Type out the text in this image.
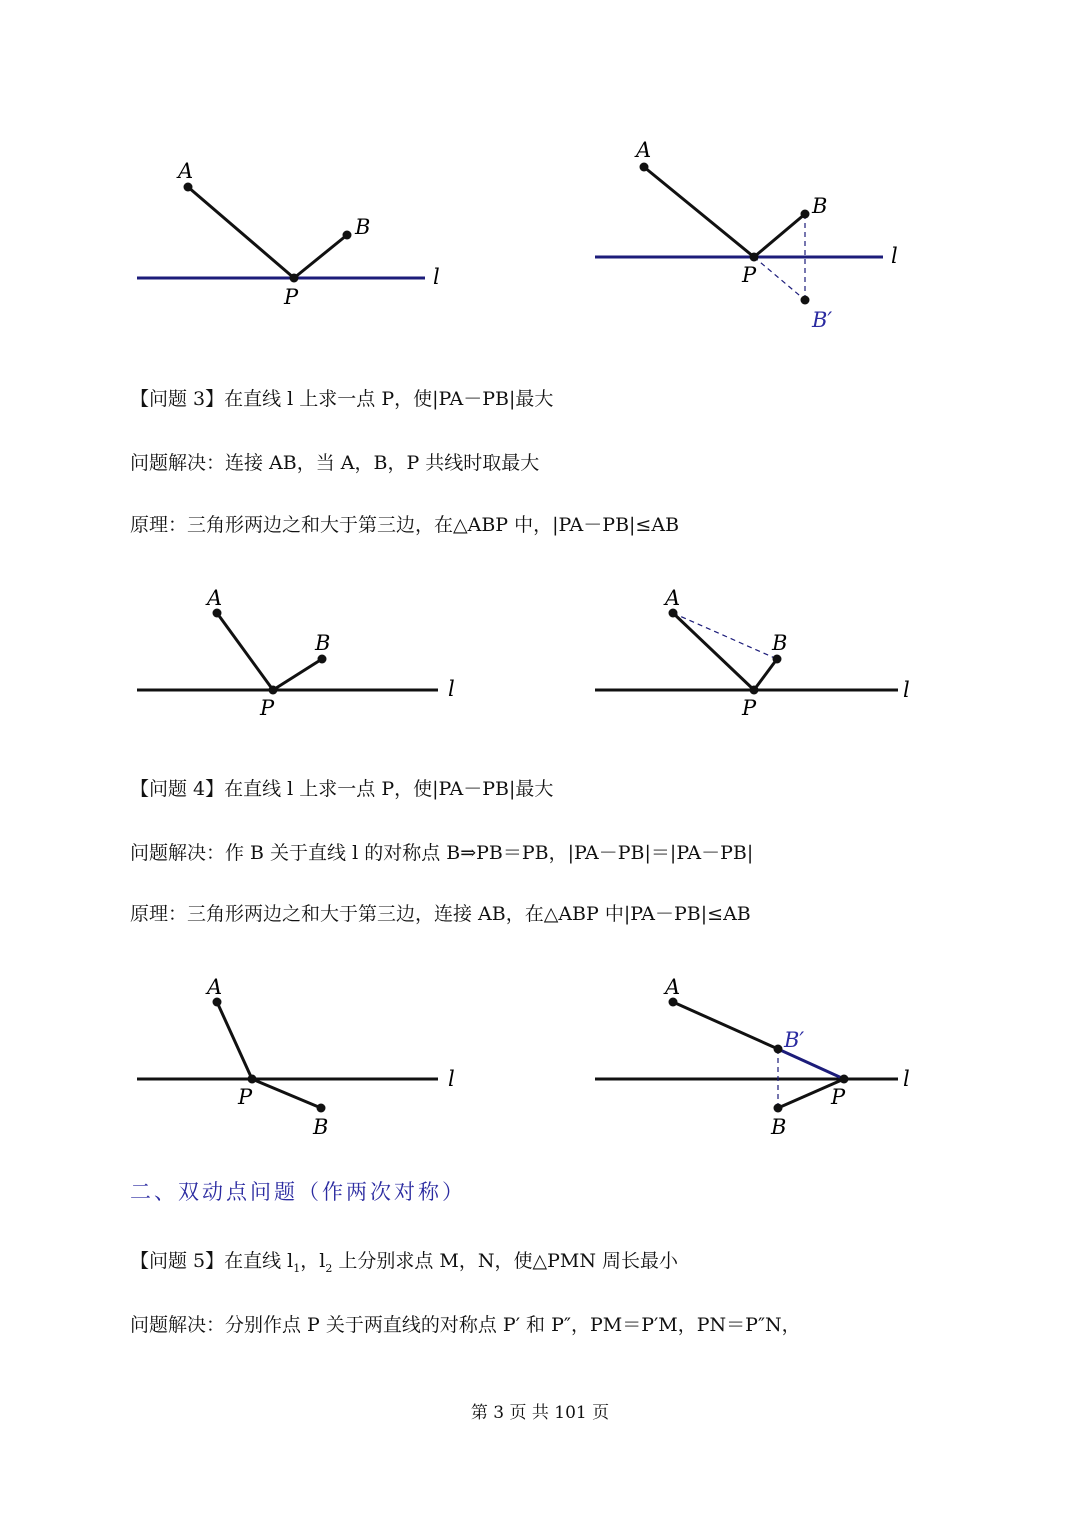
A
B
P
l
A
B
P
l
B′
【问题 3】在直线 l 上求一点 P，使|PA－PB|最大
问题解决：连接 AB，当 A，B，P 共线时取最大
原理：三角形两边之和大于第三边，在△ABP 中，|PA－PB|≤AB
A
B
P
l
A
B
P
l
【问题 4】在直线 l 上求一点 P，使|PA－PB|最大
问题解决：作 B 关于直线 l 的对称点 B⇒PB＝PB，|PA－PB|＝|PA－PB|
原理：三角形两边之和大于第三边，连接 AB，在△ABP 中|PA－PB|≤AB
A
B
P
l
A
B′
B
P
l
二、双动点问题（作两次对称）
【问题 5】在直线 $l_1$，$l_2$ 上分别求点 M，N，使△PMN 周长最小
问题解决：分别作点 P 关于两直线的对称点 P′ 和 P″，PM＝P′M，PN＝P″N，
第 3 页 共 101 页
